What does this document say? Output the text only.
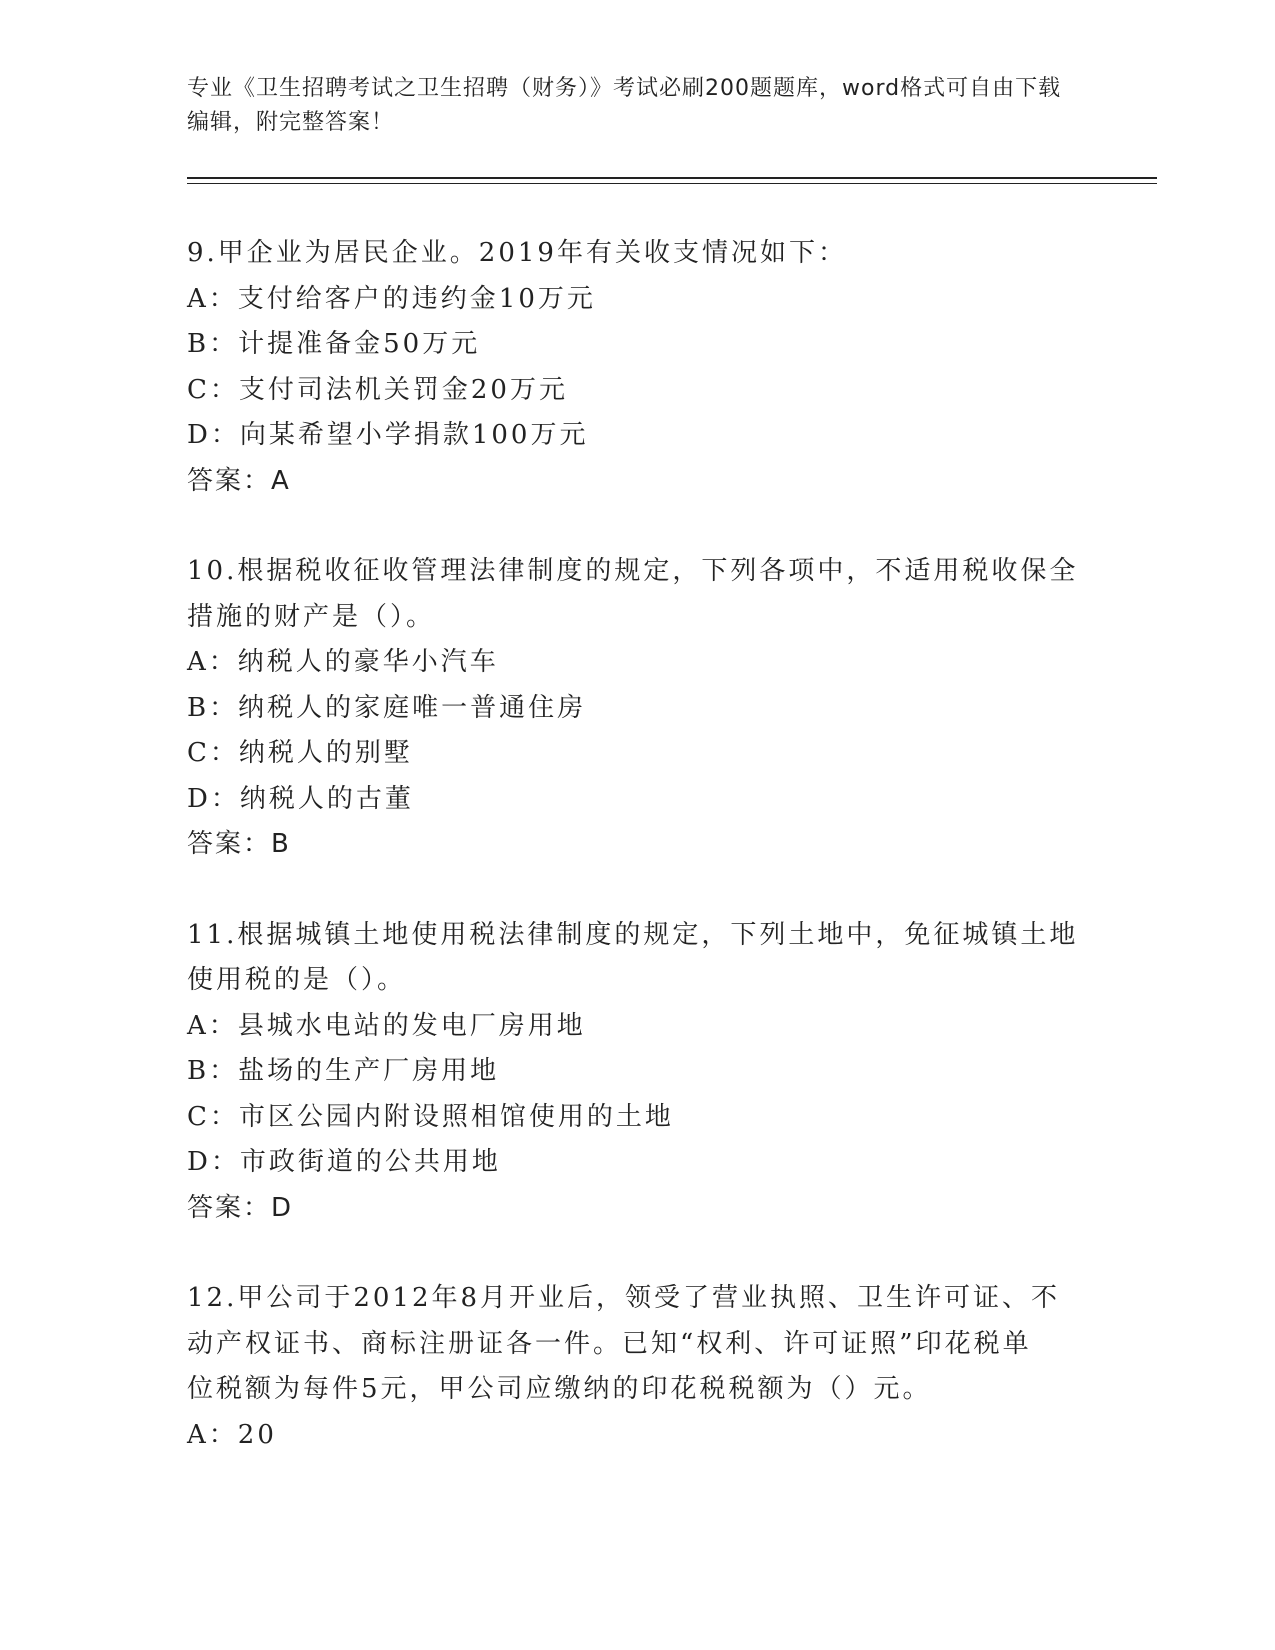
专业《卫生招聘考试之卫生招聘（财务）》考试必刷200题题库，word格式可自由下载编辑，附完整答案！
9.甲企业为居民企业。2019年有关收支情况如下：
A：支付给客户的违约金10万元
B：计提准备金50万元
C：支付司法机关罚金20万元
D：向某希望小学捐款100万元
答案：A
10.根据税收征收管理法律制度的规定，下列各项中，不适用税收保全
措施的财产是（）。
A：纳税人的豪华小汽车
B：纳税人的家庭唯一普通住房
C：纳税人的别墅
D：纳税人的古董
答案：B
11.根据城镇土地使用税法律制度的规定，下列土地中，免征城镇土地
使用税的是（）。
A：县城水电站的发电厂房用地
B：盐场的生产厂房用地
C：市区公园内附设照相馆使用的土地
D：市政街道的公共用地
答案：D
12.甲公司于2012年8月开业后，领受了营业执照、卫生许可证、不
动产权证书、商标注册证各一件。已知“权利、许可证照”印花税单
位税额为每件5元，甲公司应缴纳的印花税税额为（）元。
A：20
